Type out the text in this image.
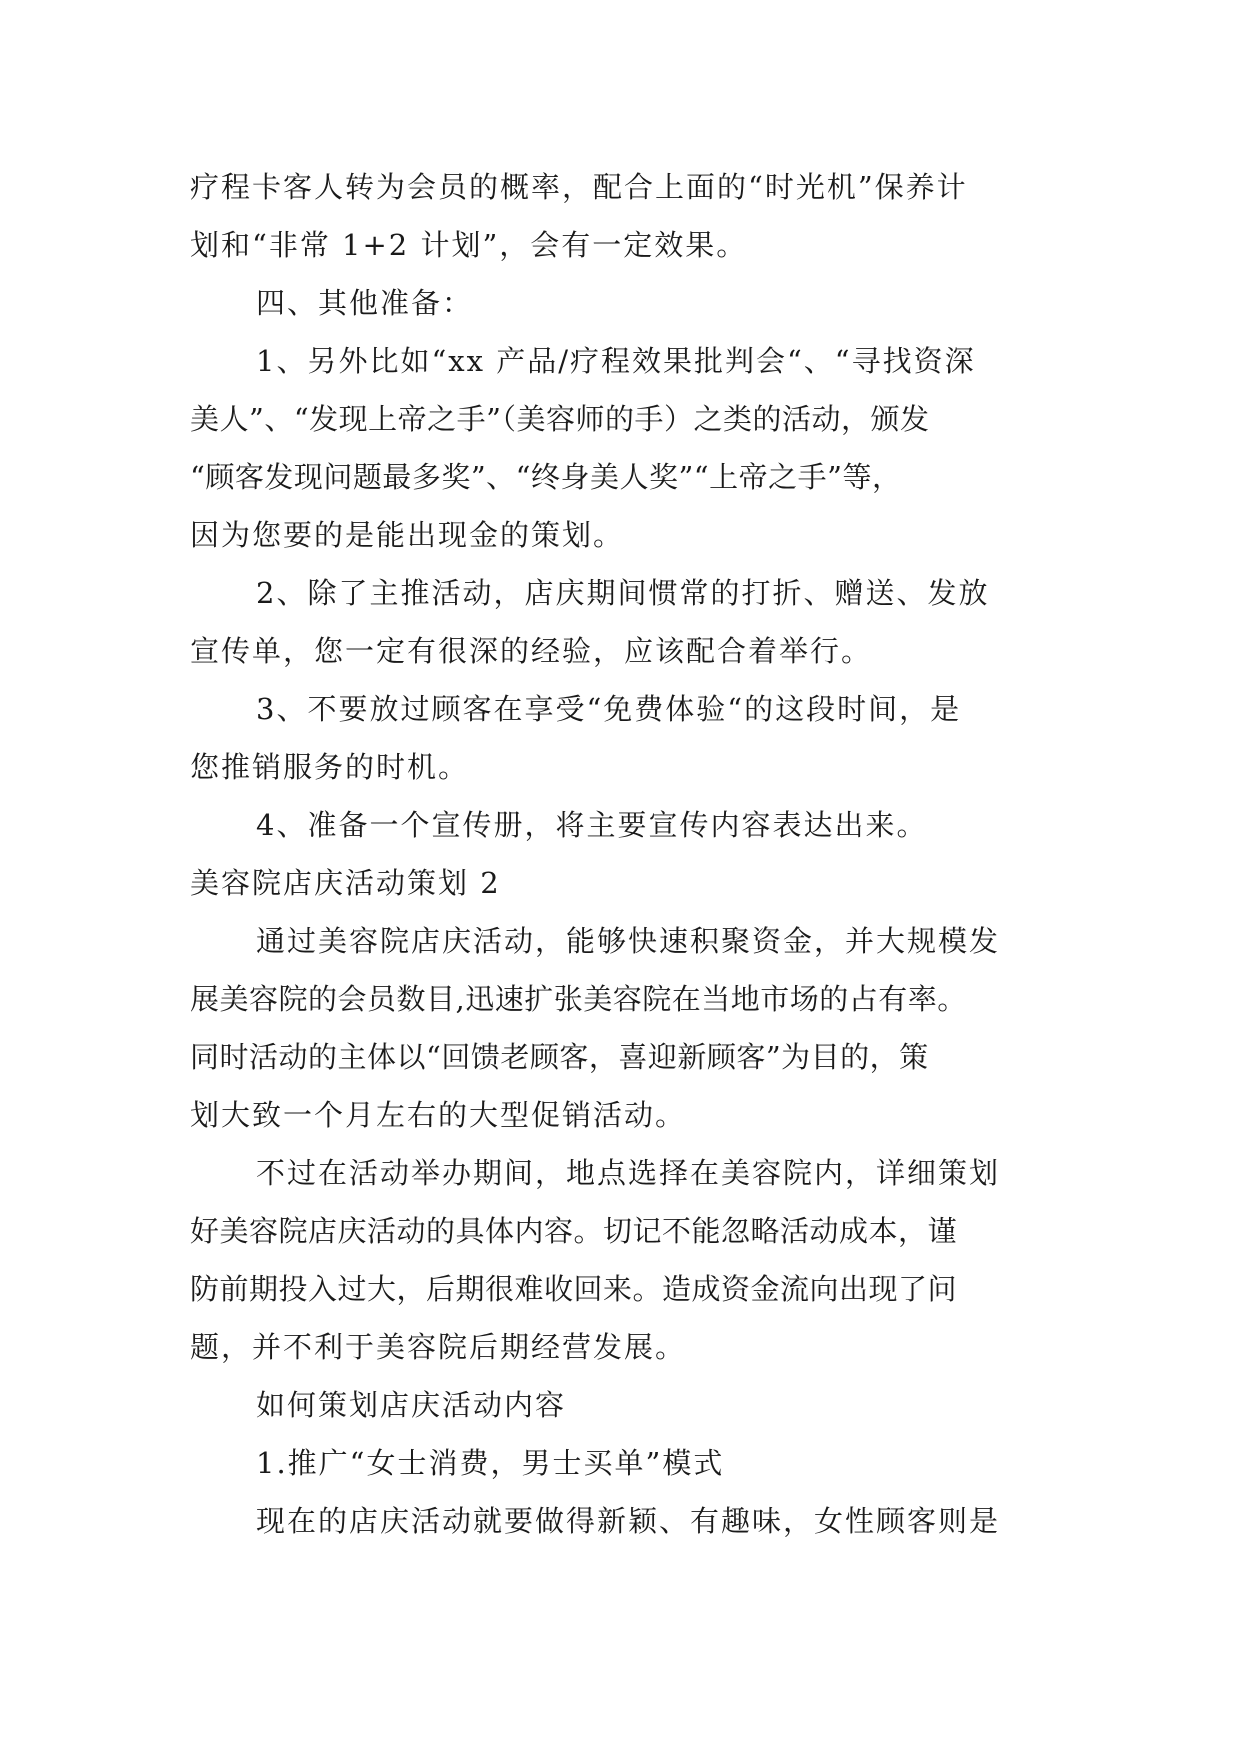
疗程卡客人转为会员的概率，配合上面的“时光机”保养计
划和“非常 1+2 计划”，会有一定效果。
四、其他准备：
1、另外比如“xx 产品/疗程效果批判会“、“寻找资深
美人”、“发现上帝之手”（美容师的手）之类的活动，颁发
“顾客发现问题最多奖”、“终身美人奖”“上帝之手”等，
因为您要的是能出现金的策划。
2、除了主推活动，店庆期间惯常的打折、赠送、发放
宣传单，您一定有很深的经验，应该配合着举行。
3、不要放过顾客在享受“免费体验“的这段时间，是
您推销服务的时机。
4、准备一个宣传册，将主要宣传内容表达出来。
美容院店庆活动策划 2
通过美容院店庆活动，能够快速积聚资金，并大规模发
展美容院的会员数目,迅速扩张美容院在当地市场的占有率。
同时活动的主体以“回馈老顾客，喜迎新顾客”为目的，策
划大致一个月左右的大型促销活动。
不过在活动举办期间，地点选择在美容院内，详细策划
好美容院店庆活动的具体内容。切记不能忽略活动成本，谨
防前期投入过大，后期很难收回来。造成资金流向出现了问
题，并不利于美容院后期经营发展。
如何策划店庆活动内容
1.推广“女士消费，男士买单”模式
现在的店庆活动就要做得新颖、有趣味，女性顾客则是
